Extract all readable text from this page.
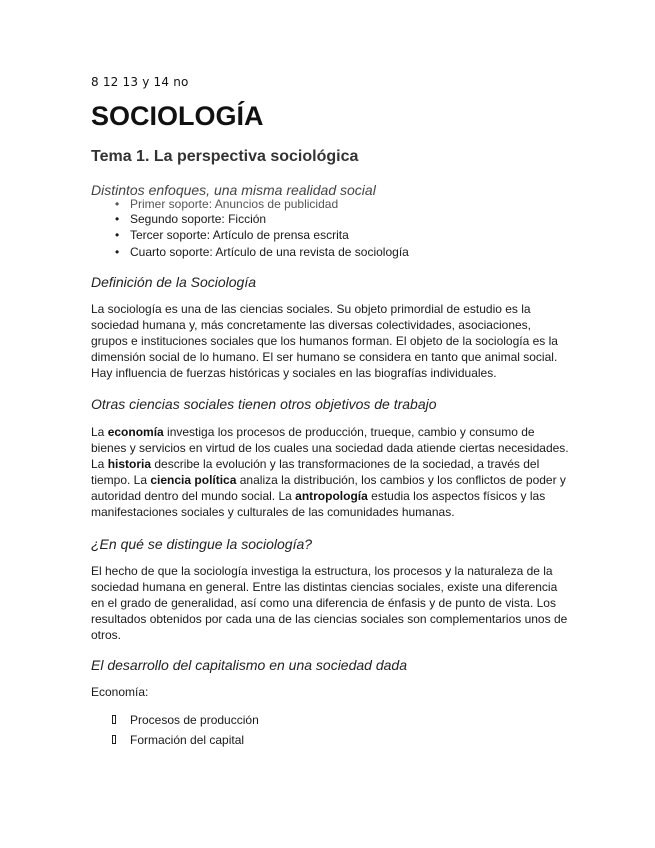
8 12 13 y 14 no
SOCIOLOGÍA
Tema 1. La perspectiva sociológica

Distintos enfoques, una misma realidad social

• Primer soporte: Anuncios de publicidad
• Segundo soporte: Ficción
• Tercer soporte: Artículo de prensa escrita
• Cuarto soporte: Artículo de una revista de sociología

Definición de la Sociología

La sociología es una de las ciencias sociales. Su objeto primordial de estudio es la sociedad humana y, más concretamente las diversas colectividades, asociaciones, grupos e instituciones sociales que los humanos forman. El objeto de la sociología es la dimensión social de lo humano. El ser humano se considera en tanto que animal social. Hay influencia de fuerzas históricas y sociales en las biografías individuales.

Otras ciencias sociales tienen otros objetivos de trabajo

La economía investiga los procesos de producción, trueque, cambio y consumo de bienes y servicios en virtud de los cuales una sociedad dada atiende ciertas necesidades. La historia describe la evolución y las transformaciones de la sociedad, a través del tiempo. La ciencia política analiza la distribución, los cambios y los conflictos de poder y autoridad dentro del mundo social. La antropología estudia los aspectos físicos y las manifestaciones sociales y culturales de las comunidades humanas.

¿En qué se distingue la sociología?

El hecho de que la sociología investiga la estructura, los procesos y la naturaleza de la sociedad humana en general. Entre las distintas ciencias sociales, existe una diferencia en el grado de generalidad, así como una diferencia de énfasis y de punto de vista. Los resultados obtenidos por cada una de las ciencias sociales son complementarios unos de otros.

El desarrollo del capitalismo en una sociedad dada

Economía:
Procesos de producción
Formación del capital
